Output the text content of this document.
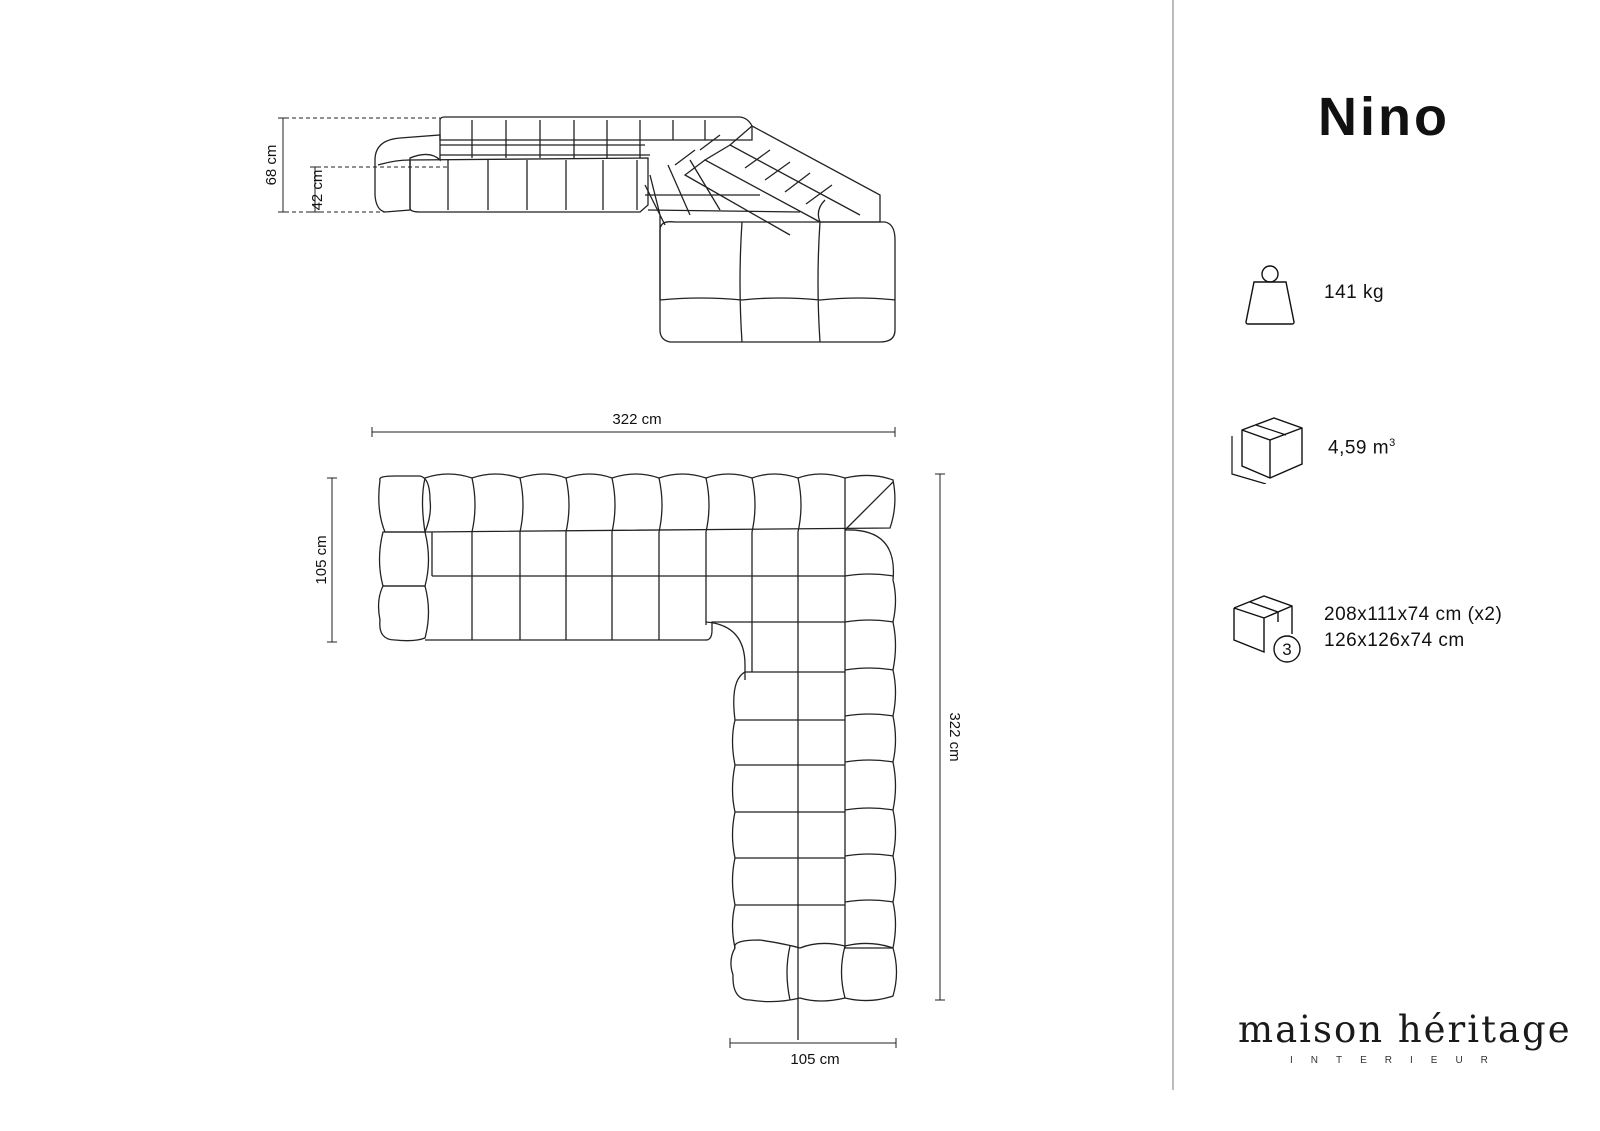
68 cm
42 cm
322 cm
105 cm
322 cm
105 cm
Nino
141 kg
4,59 $m^3$
3
208x111x74 cm (x2)
126x126x74 cm
maison héritage
INTERIEUR
